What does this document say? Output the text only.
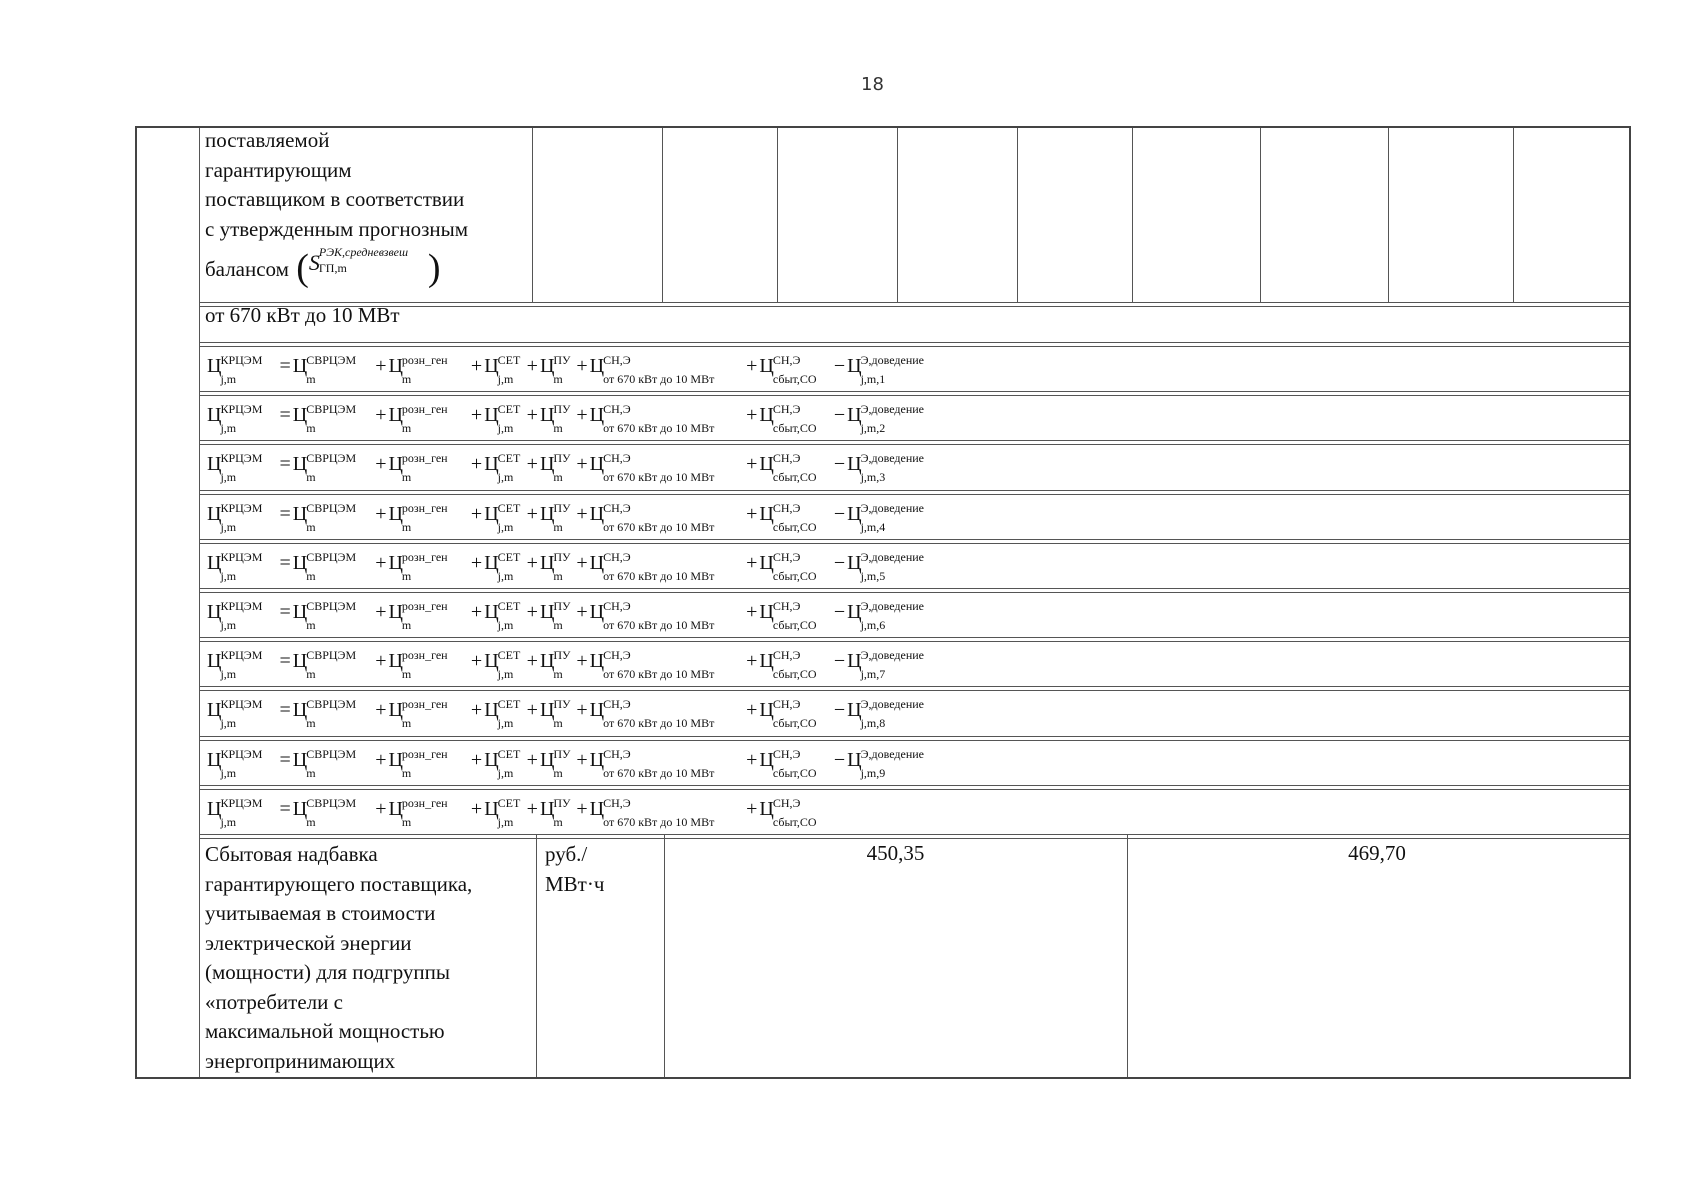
18
поставляемой
гарантирующим
поставщиком в соответствии
с утвержденным прогнозным
балансом (S РЭК,средневзвеш
ГП,m )
от 670 кВт до 10 МВт
Ц КРЦЭМ
j,m
= Ц СВРЦЭМ
m
+ Ц розн_ген
m
+ Ц СЕТ
j,m
+ Ц ПУ
m
+ Ц СН,Э
от 670 кВт до 10 МВт
+ Ц СН,Э
сбыт,СО
− Ц Э,доведение
j,m,1
Ц КРЦЭМ
j,m
= Ц СВРЦЭМ
m
+ Ц розн_ген
m
+ Ц СЕТ
j,m
+ Ц ПУ
m
+ Ц СН,Э
от 670 кВт до 10 МВт
+ Ц СН,Э
сбыт,СО
− Ц Э,доведение
j,m,2
Ц КРЦЭМ
j,m
= Ц СВРЦЭМ
m
+ Ц розн_ген
m
+ Ц СЕТ
j,m
+ Ц ПУ
m
+ Ц СН,Э
от 670 кВт до 10 МВт
+ Ц СН,Э
сбыт,СО
− Ц Э,доведение
j,m,3
Ц КРЦЭМ
j,m
= Ц СВРЦЭМ
m
+ Ц розн_ген
m
+ Ц СЕТ
j,m
+ Ц ПУ
m
+ Ц СН,Э
от 670 кВт до 10 МВт
+ Ц СН,Э
сбыт,СО
− Ц Э,доведение
j,m,4
Ц КРЦЭМ
j,m
= Ц СВРЦЭМ
m
+ Ц розн_ген
m
+ Ц СЕТ
j,m
+ Ц ПУ
m
+ Ц СН,Э
от 670 кВт до 10 МВт
+ Ц СН,Э
сбыт,СО
− Ц Э,доведение
j,m,5
Ц КРЦЭМ
j,m
= Ц СВРЦЭМ
m
+ Ц розн_ген
m
+ Ц СЕТ
j,m
+ Ц ПУ
m
+ Ц СН,Э
от 670 кВт до 10 МВт
+ Ц СН,Э
сбыт,СО
− Ц Э,доведение
j,m,6
Ц КРЦЭМ
j,m
= Ц СВРЦЭМ
m
+ Ц розн_ген
m
+ Ц СЕТ
j,m
+ Ц ПУ
m
+ Ц СН,Э
от 670 кВт до 10 МВт
+ Ц СН,Э
сбыт,СО
− Ц Э,доведение
j,m,7
Ц КРЦЭМ
j,m
= Ц СВРЦЭМ
m
+ Ц розн_ген
m
+ Ц СЕТ
j,m
+ Ц ПУ
m
+ Ц СН,Э
от 670 кВт до 10 МВт
+ Ц СН,Э
сбыт,СО
− Ц Э,доведение
j,m,8
Ц КРЦЭМ
j,m
= Ц СВРЦЭМ
m
+ Ц розн_ген
m
+ Ц СЕТ
j,m
+ Ц ПУ
m
+ Ц СН,Э
от 670 кВт до 10 МВт
+ Ц СН,Э
сбыт,СО
− Ц Э,доведение
j,m,9
Ц КРЦЭМ
j,m
= Ц СВРЦЭМ
m
+ Ц розн_ген
m
+ Ц СЕТ
j,m
+ Ц ПУ
m
+ Ц СН,Э
от 670 кВт до 10 МВт
+ Ц СН,Э
сбыт,СО
Сбытовая надбавка
гарантирующего поставщика,
учитываемая в стоимости
электрической энергии
(мощности) для подгруппы
«потребители с
максимальной мощностью
энергопринимающих
руб./
МВт·ч
450,35	469,70
